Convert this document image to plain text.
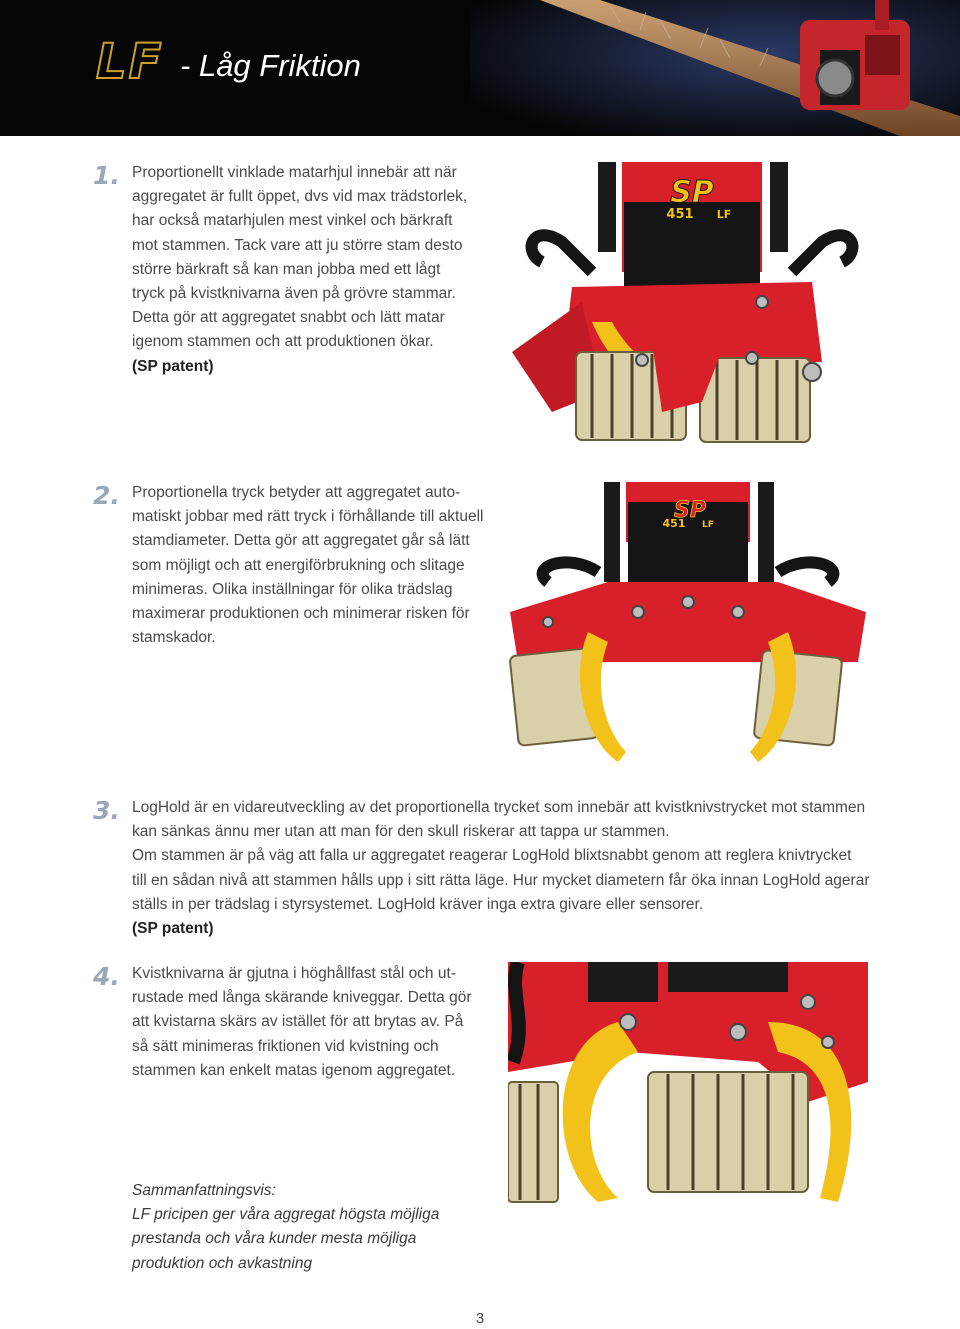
LF - Låg Friktion
1. Proportionellt vinklade matarhjul innebär att när

aggregatet är fullt öppet, dvs vid max trädstorlek,

har också matarhjulen mest vinkel och bärkraft

mot stammen. Tack vare att ju större stam desto

större bärkraft så kan man jobba med ett lågt

tryck på kvistknivarna även på grövre stammar.

Detta gör att aggregatet snabbt och lätt matar

igenom stammen och att produktionen ökar.

(SP patent)

SP
451 LF
2. Proportionella tryck betyder att aggregatet auto-

matiskt jobbar med rätt tryck i förhållande till aktuell

stamdiameter. Detta gör att aggregatet går så lätt

som möjligt och att energiförbrukning och slitage

minimeras. Olika inställningar för olika trädslag

maximerar produktionen och minimerar risken för

stamskador.

SP
451 LF
3. LogHold är en vidareutveckling av det proportionella trycket som innebär att kvistknivstrycket mot stammen

kan sänkas ännu mer utan att man för den skull riskerar att tappa ur stammen.

Om stammen är på väg att falla ur aggregatet reagerar LogHold blixtsnabbt genom att reglera knivtrycket

till en sådan nivå att stammen hålls upp i sitt rätta läge. Hur mycket diametern får öka innan LogHold agerar

ställs in per trädslag i styrsystemet. LogHold kräver inga extra givare eller sensorer.

(SP patent)

4. Kvistknivarna är gjutna i höghållfast stål och ut-

rustade med långa skärande kniveggar. Detta gör

att kvistarna skärs av istället för att brytas av. På

så sätt minimeras friktionen vid kvistning och

stammen kan enkelt matas igenom aggregatet.

Sammanfattningsvis:

LF pricipen ger våra aggregat högsta möjliga

prestanda och våra kunder mesta möjliga

produktion och avkastning

3
